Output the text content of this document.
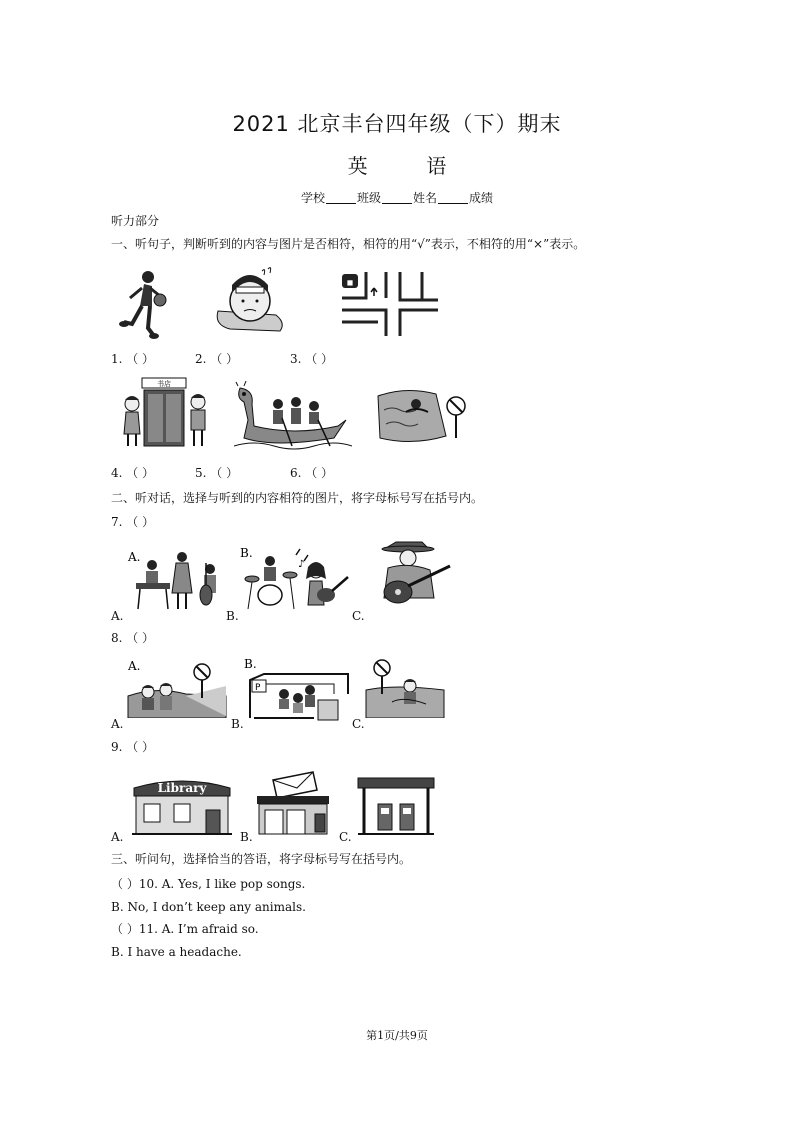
2021 北京丰台四年级（下）期末
英	语
学校	班级	姓名	成绩
听力部分
一、听句子，判断听到的内容与图片是否相符，相符的用“√”表示，不相符的用“×”表示。
◼
1. （ ）	2. （ ）	3. （ ）
书店
4. （ ）	5. （ ）	6. （ ）
二、听对话，选择与听到的内容相符的图片，将字母标号写在括号内。
7. （ ）
A.	B.
♪
A.	B.	C.
8. （ ）
A.	B.
P
A.	B.	C.
9. （ ）
Library
A.	B.	C.
三、听问句，选择恰当的答语，将字母标号写在括号内。
（ ）10. A. Yes, I like pop songs.
B. No, I don’t keep any animals.
（ ）11. A. I’m afraid so.
B. I have a headache.
第1页/共9页
